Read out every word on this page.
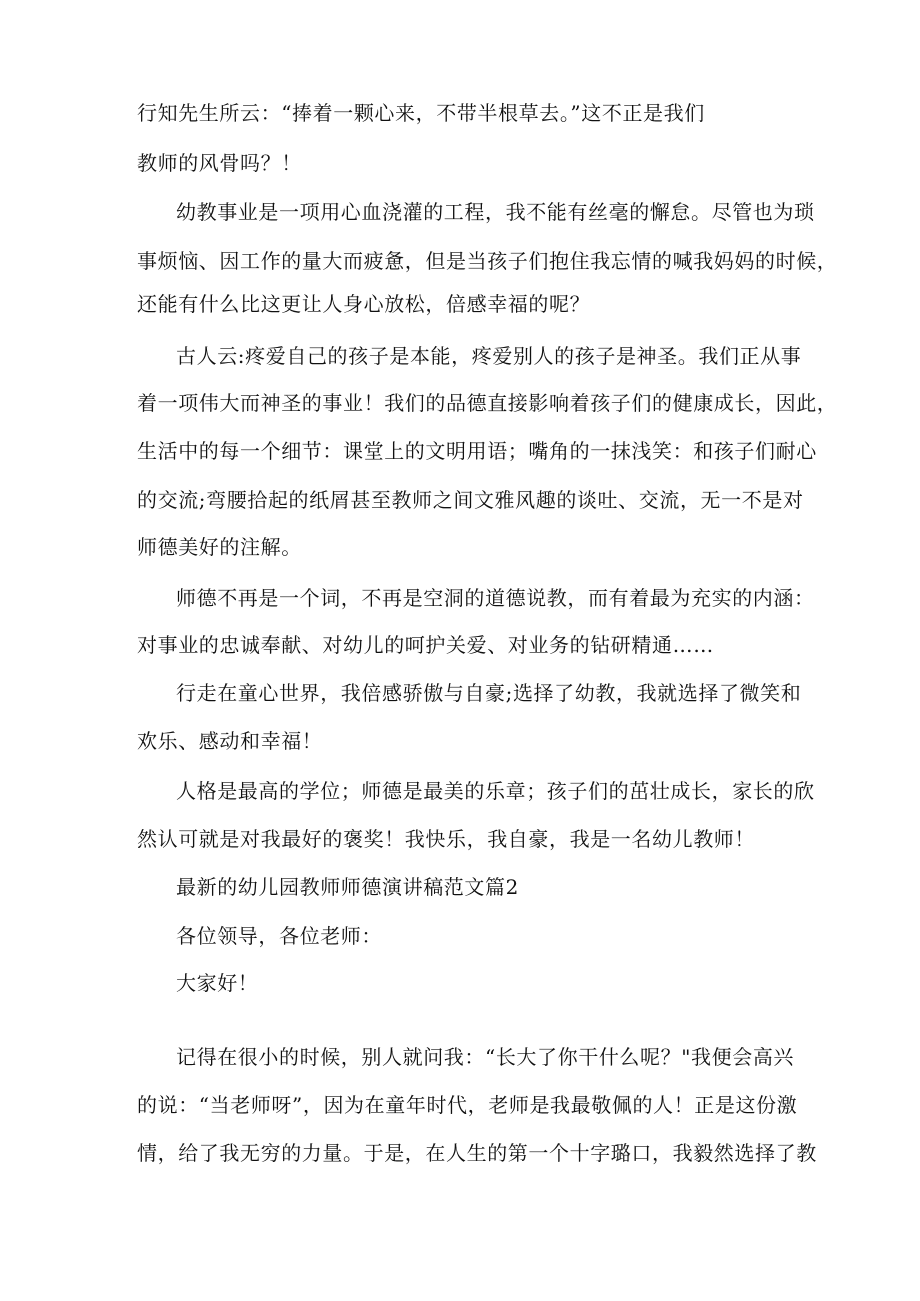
行知先生所云：“捧着一颗心来，不带半根草去。”这不正是我们
教师的风骨吗？！
幼教事业是一项用心血浇灌的工程，我不能有丝毫的懈怠。尽管也为琐
事烦恼、因工作的量大而疲惫，但是当孩子们抱住我忘情的喊我妈妈的时候，
还能有什么比这更让人身心放松，倍感幸福的呢？
古人云:疼爱自己的孩子是本能，疼爱别人的孩子是神圣。我们正从事
着一项伟大而神圣的事业！我们的品德直接影响着孩子们的健康成长，因此，
生活中的每一个细节：课堂上的文明用语；嘴角的一抹浅笑：和孩子们耐心
的交流;弯腰拾起的纸屑甚至教师之间文雅风趣的谈吐、交流，无一不是对
师德美好的注解。
师德不再是一个词，不再是空洞的道德说教，而有着最为充实的内涵：
对事业的忠诚奉献、对幼儿的呵护关爱、对业务的钻研精通……
行走在童心世界，我倍感骄傲与自豪;选择了幼教，我就选择了微笑和
欢乐、感动和幸福！
人格是最高的学位；师德是最美的乐章；孩子们的茁壮成长，家长的欣
然认可就是对我最好的褒奖！我快乐，我自豪，我是一名幼儿教师！
最新的幼儿园教师师德演讲稿范文篇2
各位领导，各位老师：
大家好！
记得在很小的时候，别人就问我：“长大了你干什么呢？"我便会高兴
的说：“当老师呀”，因为在童年时代，老师是我最敬佩的人！正是这份激
情，给了我无穷的力量。于是，在人生的第一个十字璐口，我毅然选择了教
